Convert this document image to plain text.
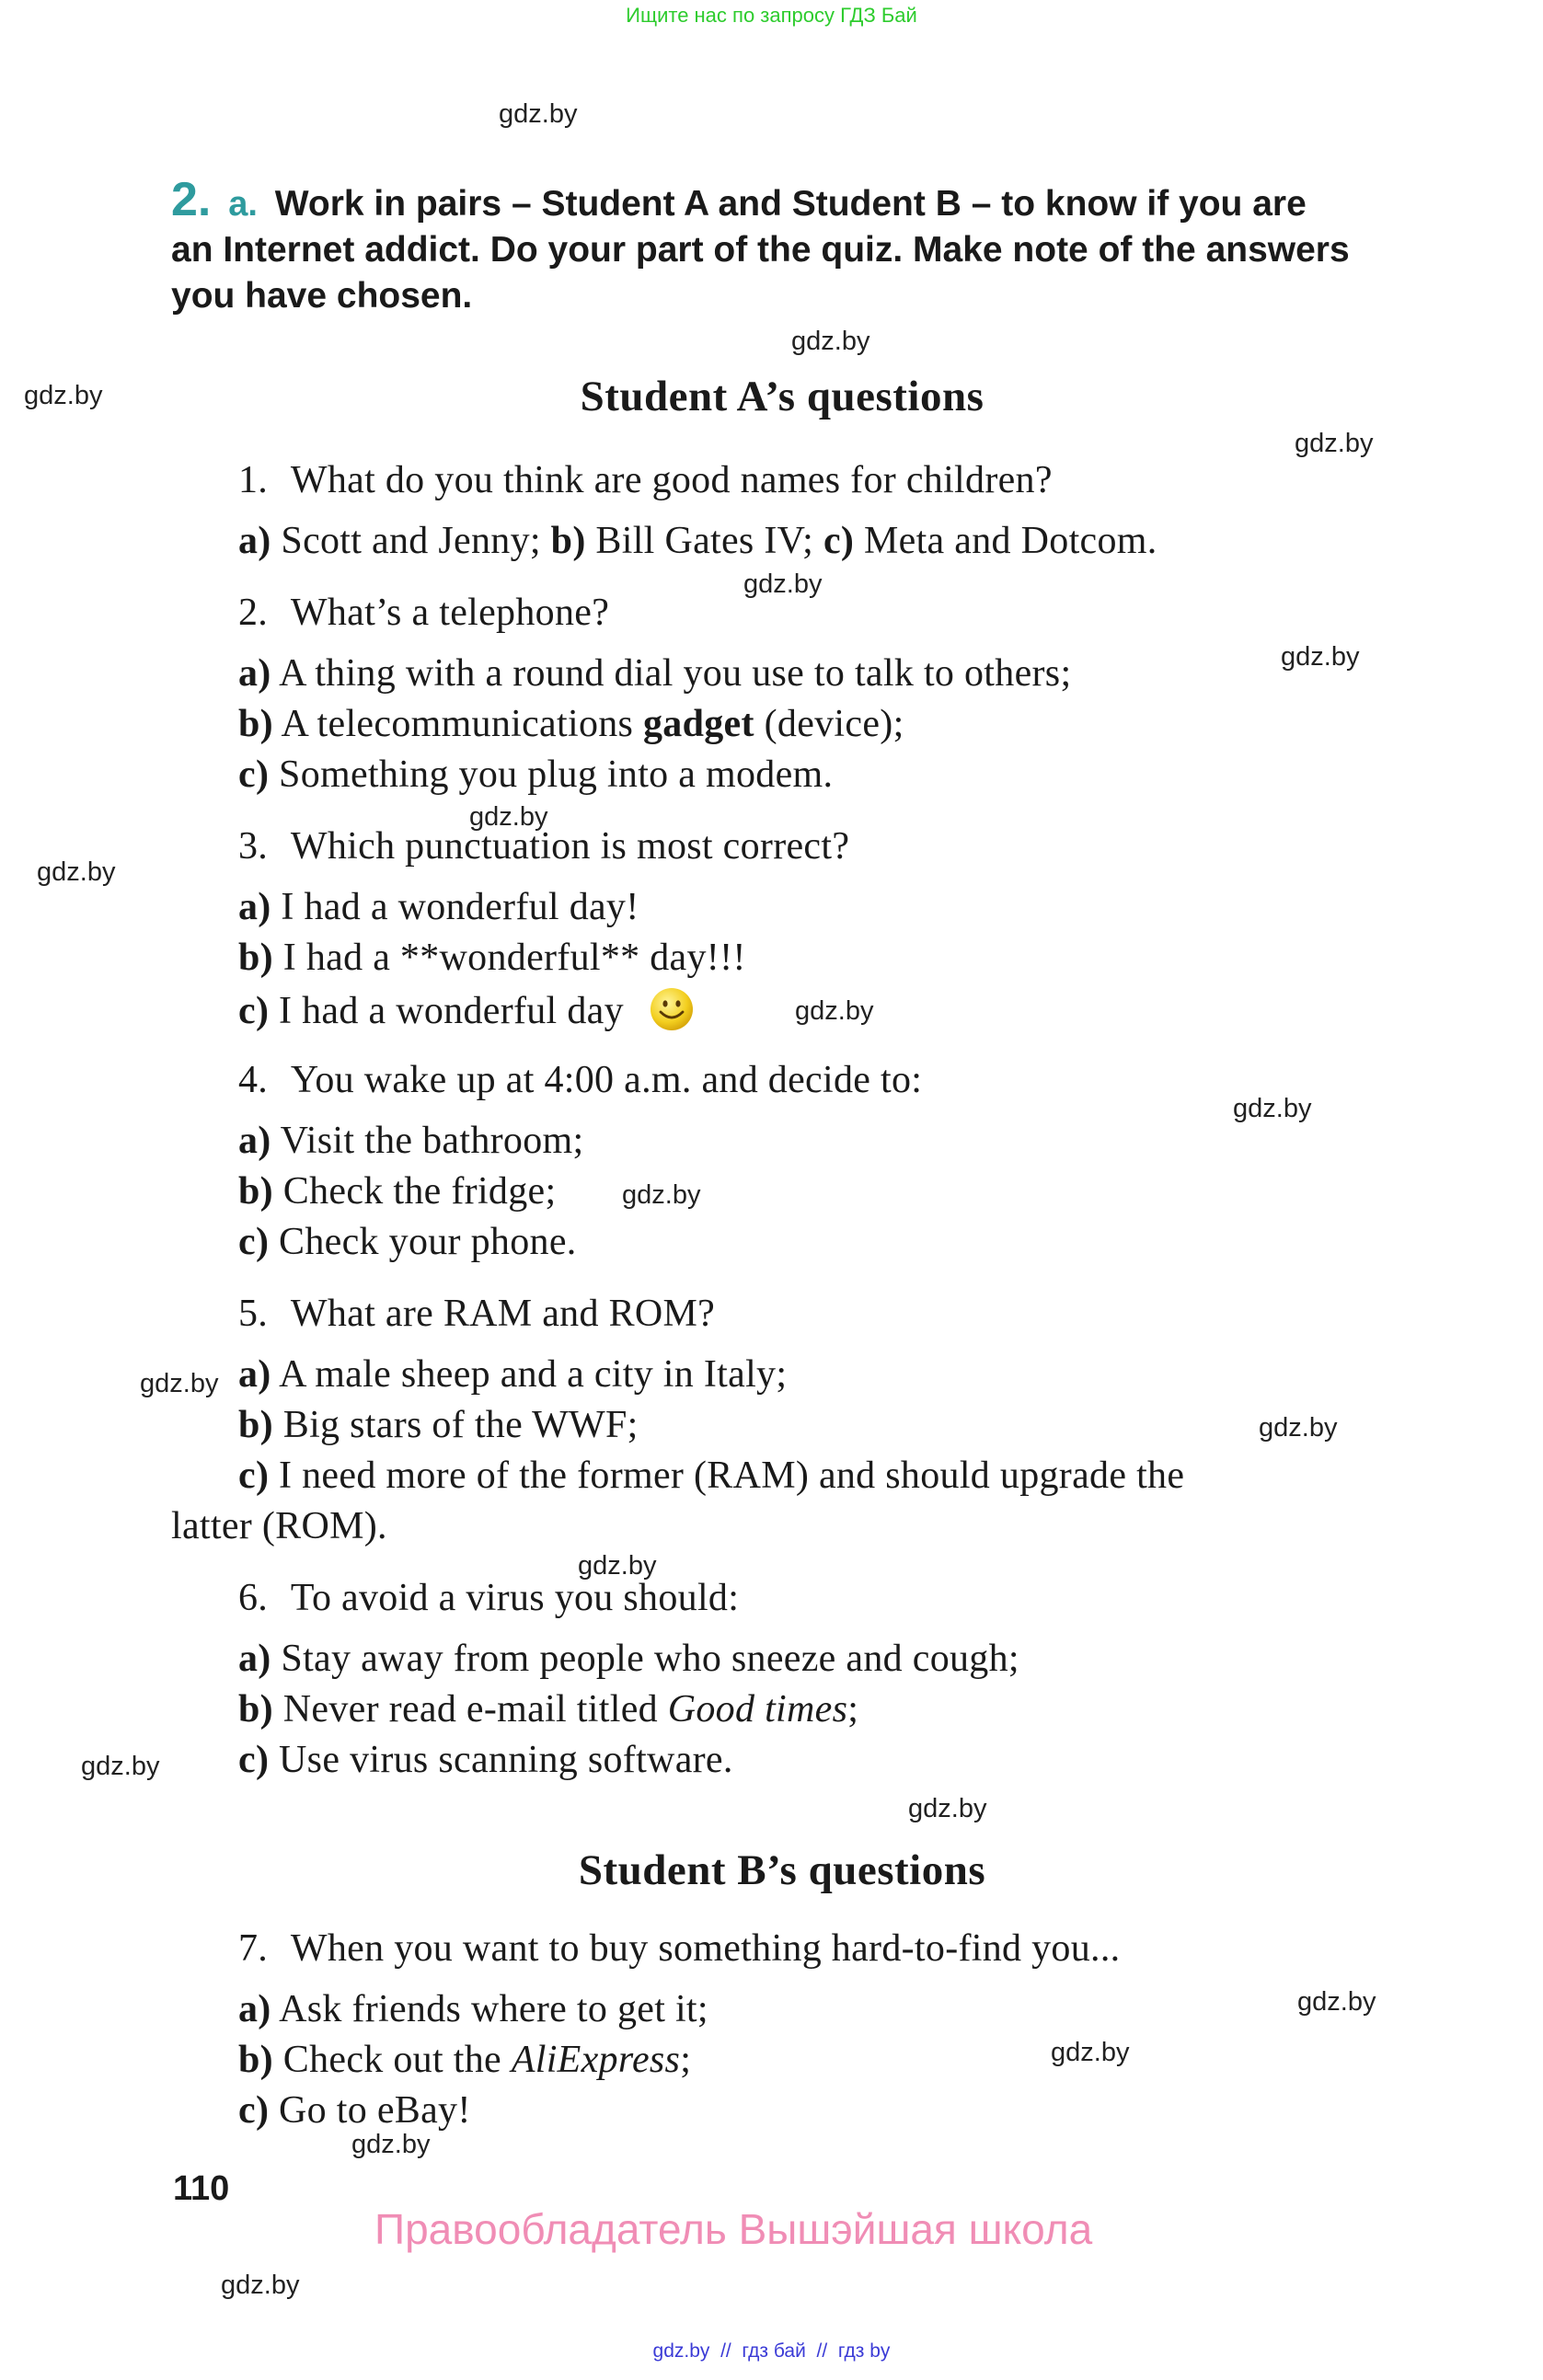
Ищите нас по запросу ГДЗ Бай
gdz.by
gdz.by
gdz.by
gdz.by
gdz.by
gdz.by
gdz.by
gdz.by
gdz.by
gdz.by
gdz.by
gdz.by
gdz.by
gdz.by
gdz.by
gdz.by
gdz.by
gdz.by
gdz.by
gdz.by
2. a. Work in pairs – Student A and Student B – to know if you are
an Internet addict. Do your part of the quiz. Make note of the answers
you have chosen.
Student A’s questions
1. What do you think are good names for children?
a) Scott and Jenny; b) Bill Gates IV; c) Meta and Dotcom.
2. What’s a telephone?
a) A thing with a round dial you use to talk to others;
b) A telecommunications gadget (device);
c) Something you plug into a modem.
3. Which punctuation is most correct?
a) I had a wonderful day!
b) I had a **wonderful** day!!!
c) I had a wonderful day
4. You wake up at 4:00 a.m. and decide to:
a) Visit the bathroom;
b) Check the fridge;
c) Check your phone.
5. What are RAM and ROM?
a) A male sheep and a city in Italy;
b) Big stars of the WWF;
c) I need more of the former (RAM) and should upgrade the
latter (ROM).
6. To avoid a virus you should:
a) Stay away from people who sneeze and cough;
b) Never read e-mail titled Good times;
c) Use virus scanning software.
Student B’s questions
7. When you want to buy something hard-to-find you...
a) Ask friends where to get it;
b) Check out the AliExpress;
c) Go to eBay!
110
Правообладатель Вышэйшая школа
gdz.by  //  гдз бай  //  гдз by
